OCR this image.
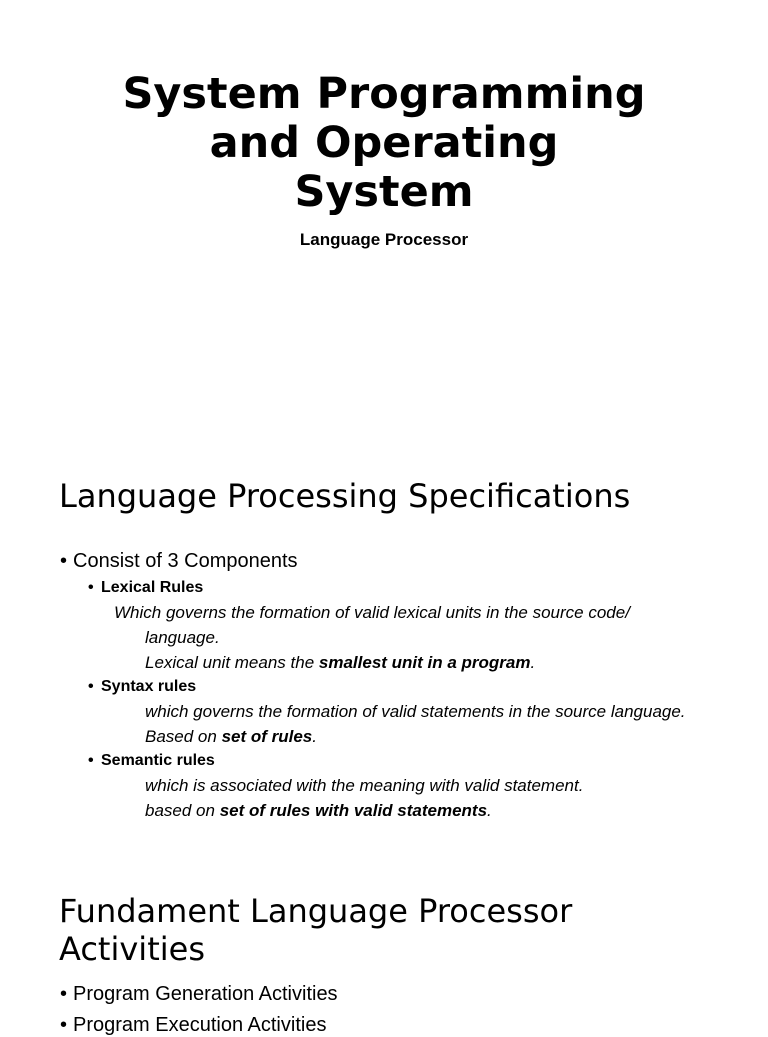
System Programming
and Operating
System
Language Processor
Language Processing Specifications
• Consist of 3 Components
• Lexical Rules
Which governs the formation of valid lexical units in the source code/
language.
Lexical unit means the smallest unit in a program.
• Syntax rules
which governs the formation of valid statements in the source language.
Based on set of rules.
• Semantic rules
which is associated with the meaning with valid statement.
based on set of rules with valid statements.
Fundament Language Processor
Activities
• Program Generation Activities
• Program Execution Activities
